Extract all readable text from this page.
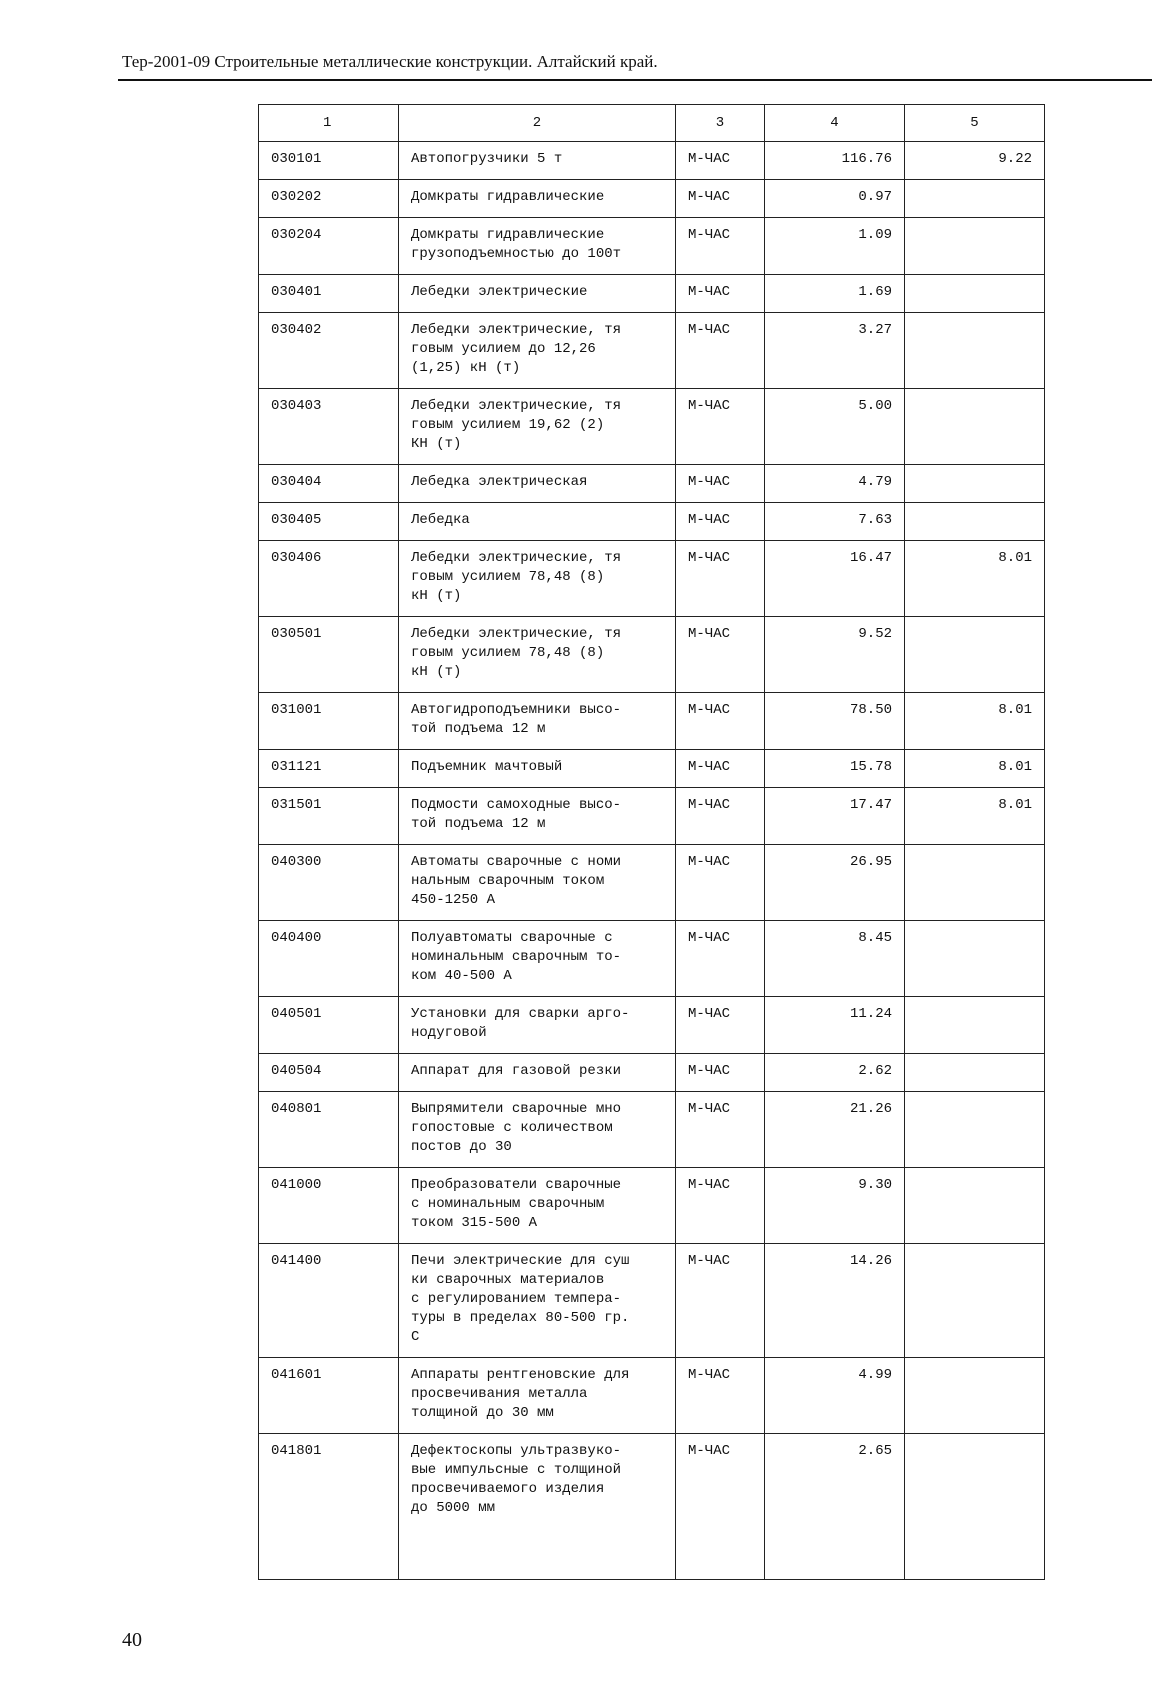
Тер-2001-09 Строительные металлические конструкции. Алтайский край.
1	2	3	4	5
030101	Автопогрузчики 5 т	М-ЧАС	116.76	9.22
030202	Домкраты гидравлические	М-ЧАС	0.97	
030204	Домкраты гидравлические
грузоподъемностью до 100т	М-ЧАС	1.09	
030401	Лебедки электрические	М-ЧАС	1.69	
030402	Лебедки электрические, тя
говым усилием до 12,26
(1,25) кН (т)	М-ЧАС	3.27	
030403	Лебедки электрические, тя
говым усилием 19,62 (2)
КН (т)	М-ЧАС	5.00	
030404	Лебедка электрическая	М-ЧАС	4.79	
030405	Лебедка	М-ЧАС	7.63	
030406	Лебедки электрические, тя
говым усилием 78,48 (8)
кН (т)	М-ЧАС	16.47	8.01
030501	Лебедки электрические, тя
говым усилием 78,48 (8)
кН (т)	М-ЧАС	9.52	
031001	Автогидроподъемники высо-
той подъема 12 м	М-ЧАС	78.50	8.01
031121	Подъемник мачтовый	М-ЧАС	15.78	8.01
031501	Подмости самоходные высо-
той подъема 12 м	М-ЧАС	17.47	8.01
040300	Автоматы сварочные с номи
нальным сварочным током
450-1250 А	М-ЧАС	26.95	
040400	Полуавтоматы сварочные с
номинальным сварочным то-
ком 40-500 А	М-ЧАС	8.45	
040501	Установки для сварки арго-
нодуговой	М-ЧАС	11.24	
040504	Аппарат для газовой резки	М-ЧАС	2.62	
040801	Выпрямители сварочные мно
гопостовые с количеством
постов до 30	М-ЧАС	21.26	
041000	Преобразователи сварочные
с номинальным сварочным
током 315-500 А	М-ЧАС	9.30	
041400	Печи электрические для суш
ки сварочных материалов
с регулированием темпера-
туры в пределах 80-500 гр.
С	М-ЧАС	14.26	
041601	Аппараты рентгеновские для
просвечивания металла
толщиной до 30 мм	М-ЧАС	4.99	
041801	Дефектоскопы ультразвуко-
вые импульсные с толщиной
просвечиваемого изделия
до 5000 мм	М-ЧАС	2.65	
40
